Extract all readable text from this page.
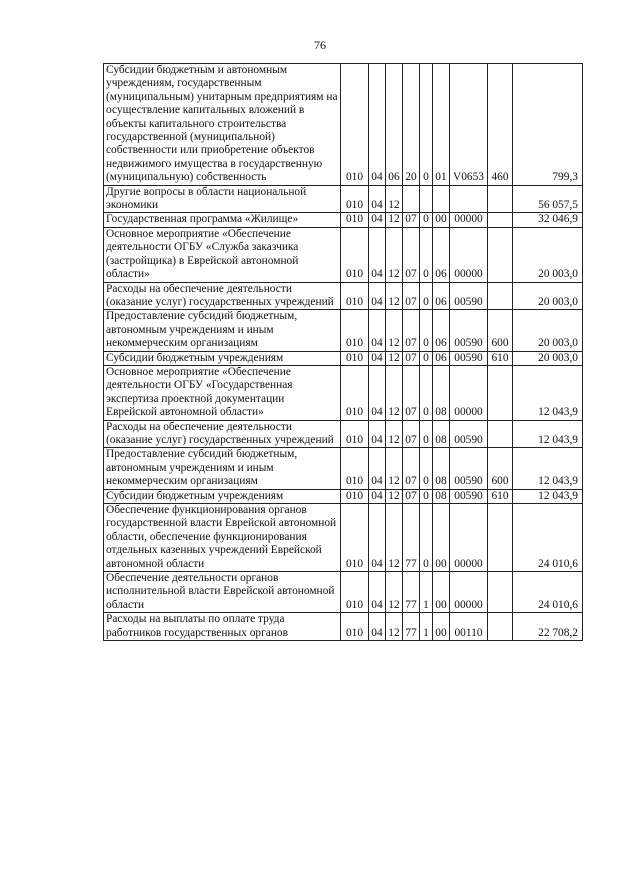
76
Субсидии бюджетным и автономным учреждениям, государственным (муниципальным) унитарным предприятиям на осуществление капитальных вложений в объекты капитального строительства государственной (муниципальной) собственности или приобретение объектов недвижимого имущества в государственную (муниципальную) собственность	010	04	06	20	0	01	V0653	460	799,3
Другие вопросы в области национальной экономики	010	04	12						56 057,5
Государственная программа «Жилище»	010	04	12	07	0	00	00000		32 046,9
Основное мероприятие «Обеспечение деятельности ОГБУ «Служба заказчика (застройщика) в Еврейской автономной области»	010	04	12	07	0	06	00000		20 003,0
Расходы на обеспечение деятельности (оказание услуг) государственных учреждений	010	04	12	07	0	06	00590		20 003,0
Предоставление субсидий бюджетным, автономным учреждениям и иным некоммерческим организациям	010	04	12	07	0	06	00590	600	20 003,0
Субсидии бюджетным учреждениям	010	04	12	07	0	06	00590	610	20 003,0
Основное мероприятие «Обеспечение деятельности ОГБУ «Государственная экспертиза проектной документации Еврейской автономной области»	010	04	12	07	0	08	00000		12 043,9
Расходы на обеспечение деятельности (оказание услуг) государственных учреждений	010	04	12	07	0	08	00590		12 043,9
Предоставление субсидий бюджетным, автономным учреждениям и иным некоммерческим организациям	010	04	12	07	0	08	00590	600	12 043,9
Субсидии бюджетным учреждениям	010	04	12	07	0	08	00590	610	12 043,9
Обеспечение функционирования органов государственной власти Еврейской автономной области, обеспечение функционирования отдельных казенных учреждений Еврейской автономной области	010	04	12	77	0	00	00000		24 010,6
Обеспечение деятельности органов исполнительной власти Еврейской автономной области	010	04	12	77	1	00	00000		24 010,6
Расходы на выплаты по оплате труда работников государственных органов	010	04	12	77	1	00	00110		22 708,2
